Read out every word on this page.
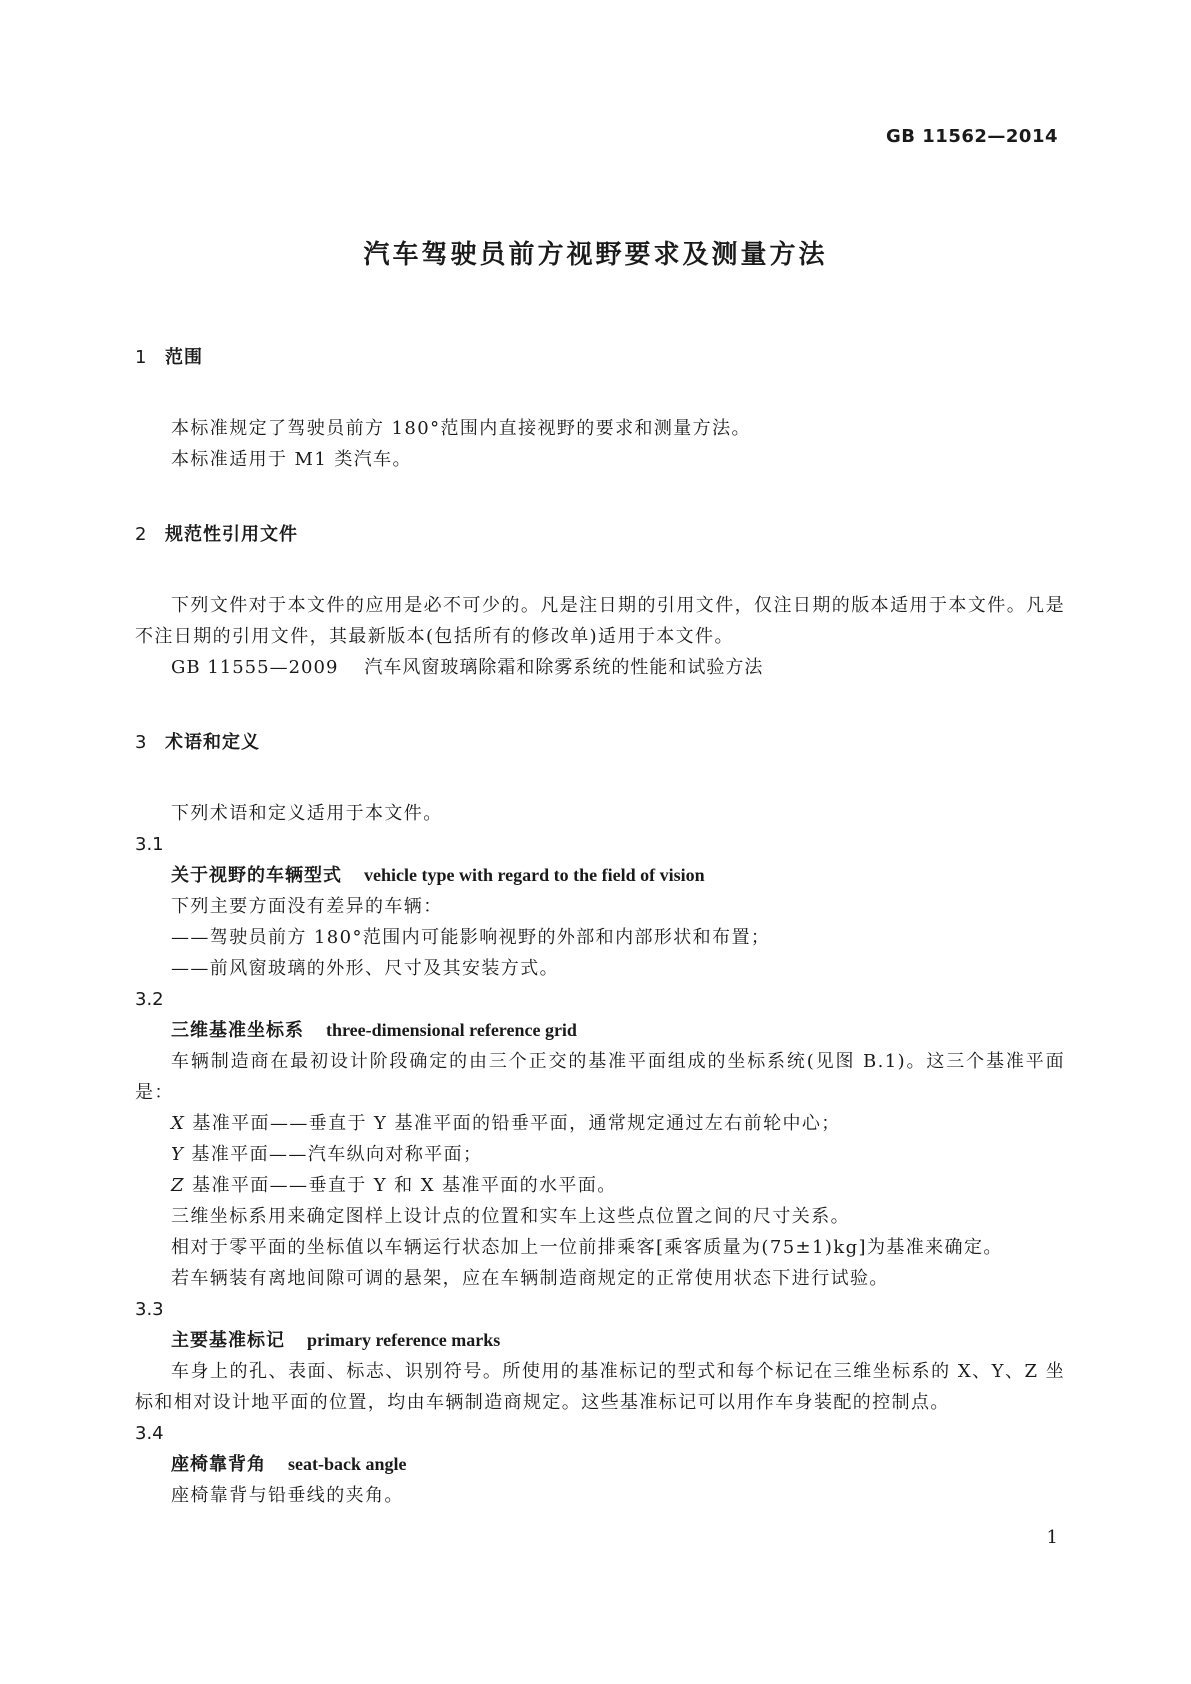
GB 11562—2014
汽车驾驶员前方视野要求及测量方法

1 范围

本标准规定了驾驶员前方 180°范围内直接视野的要求和测量方法。

本标准适用于 M1 类汽车。

2 规范性引用文件

下列文件对于本文件的应用是必不可少的。凡是注日期的引用文件，仅注日期的版本适用于本文件。凡是不注日期的引用文件，其最新版本(包括所有的修改单)适用于本文件。

GB 11555—2009 汽车风窗玻璃除霜和除雾系统的性能和试验方法

3 术语和定义

下列术语和定义适用于本文件。

3.1

关于视野的车辆型式 vehicle type with regard to the field of vision

下列主要方面没有差异的车辆：

——驾驶员前方 180°范围内可能影响视野的外部和内部形状和布置；

——前风窗玻璃的外形、尺寸及其安装方式。

3.2

三维基准坐标系 three-dimensional reference grid

车辆制造商在最初设计阶段确定的由三个正交的基准平面组成的坐标系统(见图 B.1)。这三个基准平面是：

X 基准平面——垂直于 Y 基准平面的铅垂平面，通常规定通过左右前轮中心；

Y 基准平面——汽车纵向对称平面；

Z 基准平面——垂直于 Y 和 X 基准平面的水平面。

三维坐标系用来确定图样上设计点的位置和实车上这些点位置之间的尺寸关系。

相对于零平面的坐标值以车辆运行状态加上一位前排乘客[乘客质量为(75±1)kg]为基准来确定。

若车辆装有离地间隙可调的悬架，应在车辆制造商规定的正常使用状态下进行试验。

3.3

主要基准标记 primary reference marks

车身上的孔、表面、标志、识别符号。所使用的基准标记的型式和每个标记在三维坐标系的 X、Y、Z 坐标和相对设计地平面的位置，均由车辆制造商规定。这些基准标记可以用作车身装配的控制点。

3.4

座椅靠背角 seat-back angle

座椅靠背与铅垂线的夹角。

1
